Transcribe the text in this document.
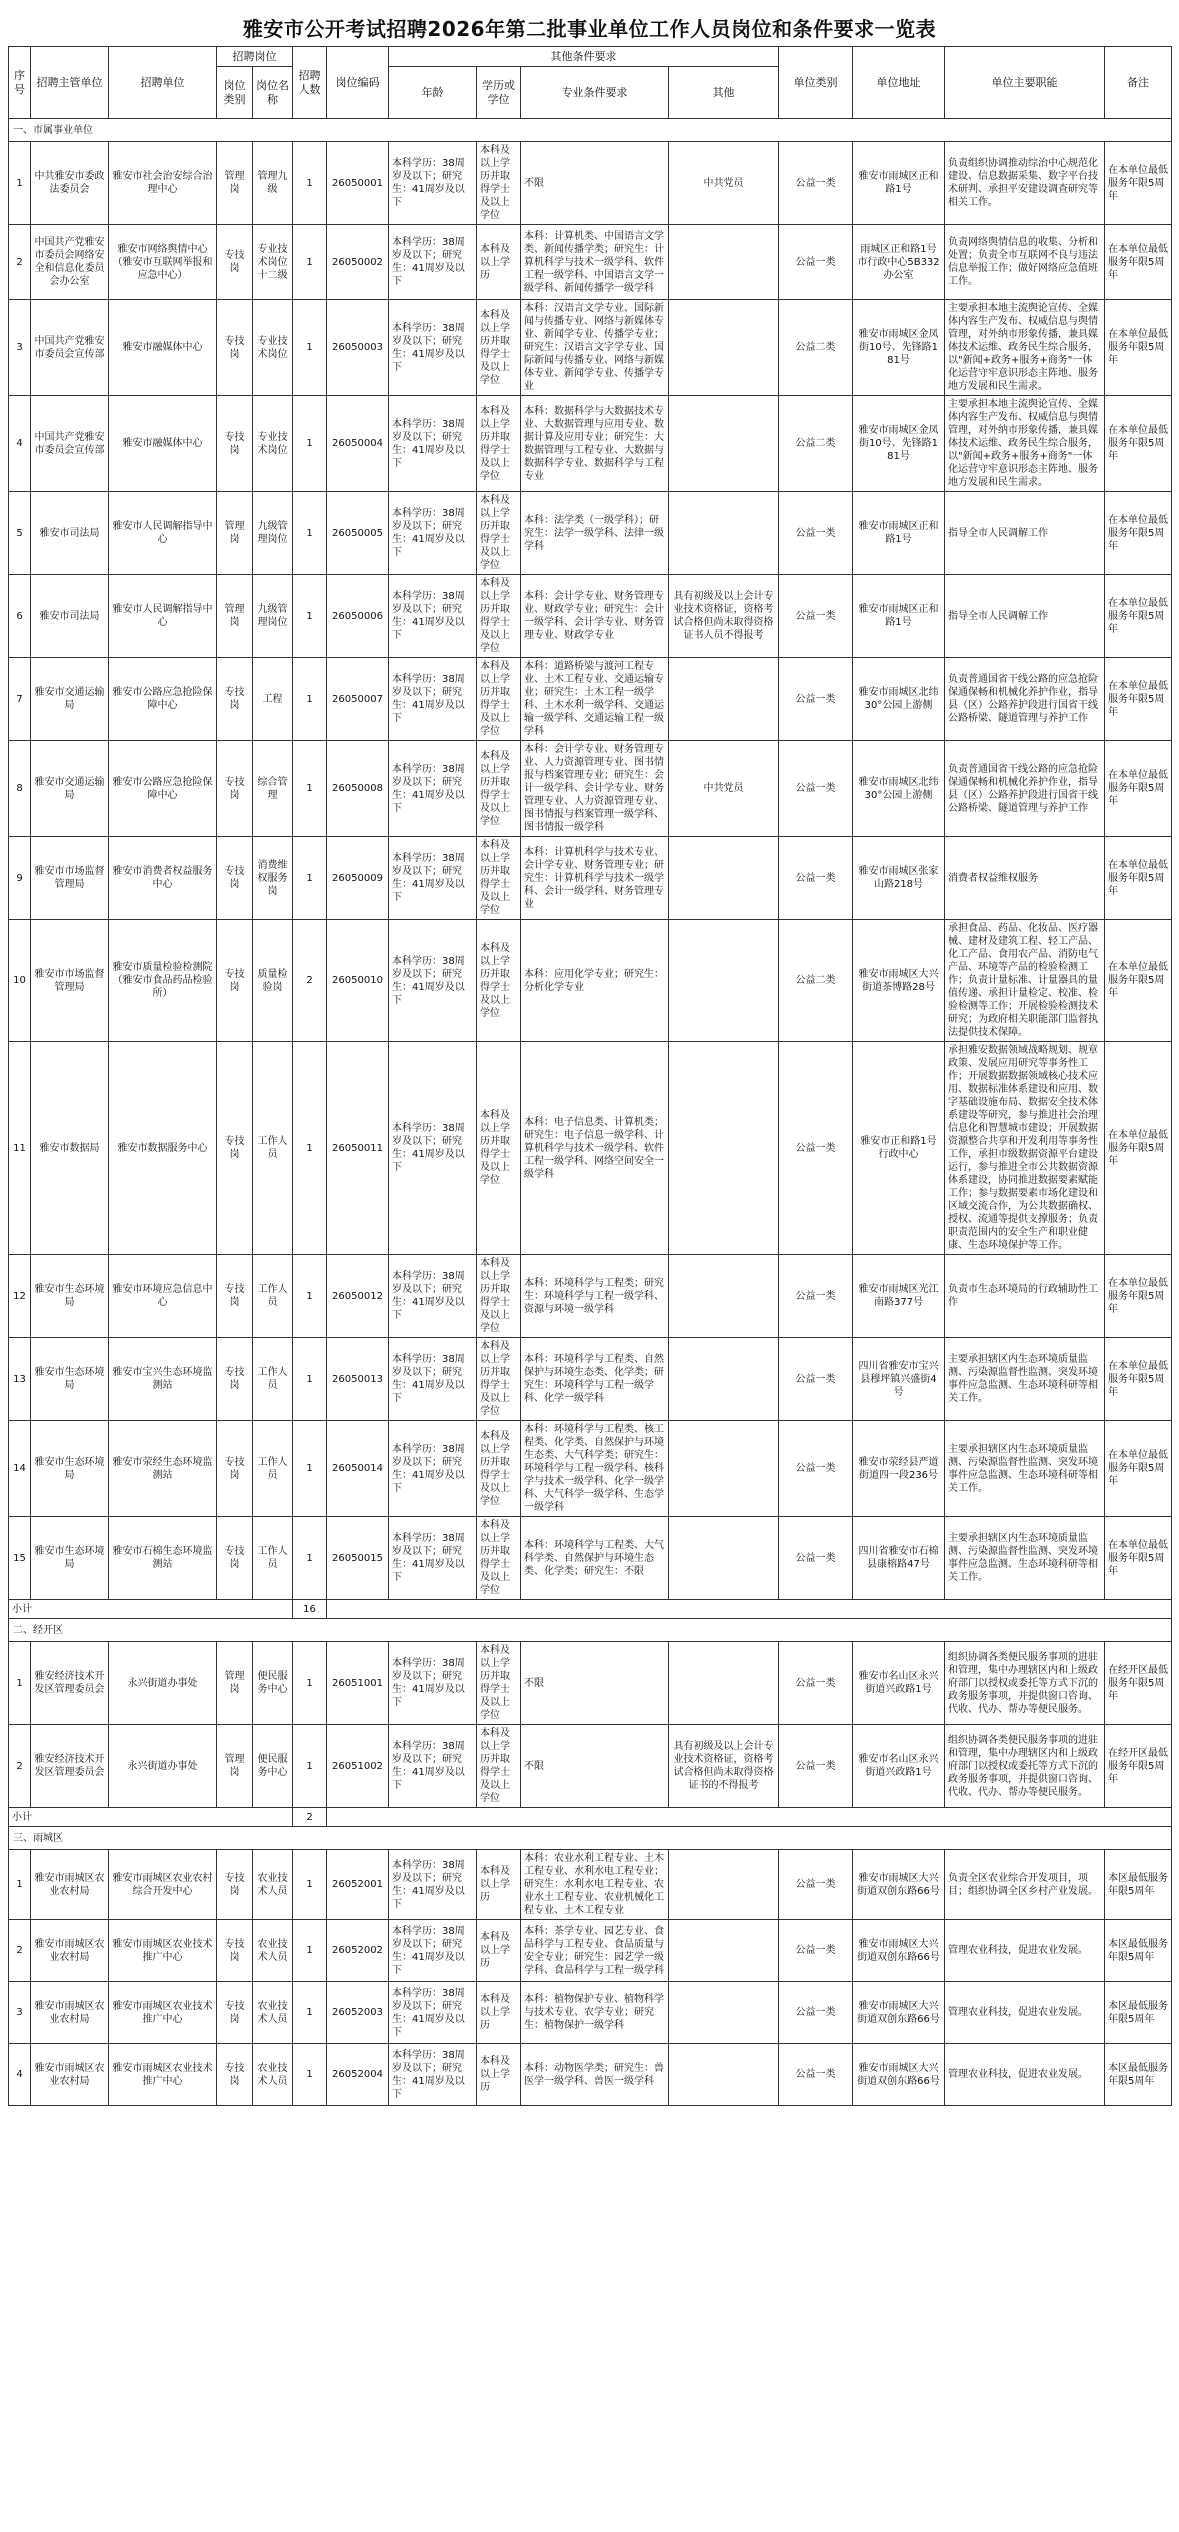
雅安市公开考试招聘2026年第二批事业单位工作人员岗位和条件要求一览表
序号	招聘主管单位	招聘单位	招聘岗位		招聘人数	岗位编码	其他条件要求				单位类别	单位地址	单位主要职能	备注
			岗位类别	岗位名称			年龄	学历或学位	专业条件要求	其他				

一、市属事业单位														
1	中共雅安市委政法委员会	雅安市社会治安综合治理中心	管理岗	管理九级	1	26050001	本科学历：38周岁及以下；研究生：41周岁及以下	本科及以上学历并取得学士及以上学位	不限	中共党员	公益一类	雅安市雨城区正和路1号	负责组织协调推动综治中心规范化建设、信息数据采集、数字平台技术研判、承担平安建设调查研究等相关工作。	在本单位最低服务年限5周年
2	中国共产党雅安市委员会网络安全和信息化委员会办公室	雅安市网络舆情中心（雅安市互联网举报和应急中心）	专技岗	专业技术岗位十二级	1	26050002	本科学历：38周岁及以下；研究生：41周岁及以下	本科及以上学历	本科：计算机类、中国语言文学类、新闻传播学类；研究生：计算机科学与技术一级学科、软件工程一级学科、中国语言文学一级学科、新闻传播学一级学科		公益一类	雨城区正和路1号市行政中心5B332办公室	负责网络舆情信息的收集、分析和处置；负责全市互联网不良与违法信息举报工作；做好网络应急值班工作。	在本单位最低服务年限5周年
3	中国共产党雅安市委员会宣传部	雅安市融媒体中心	专技岗	专业技术岗位	1	26050003	本科学历：38周岁及以下；研究生：41周岁及以下	本科及以上学历并取得学士及以上学位	本科：汉语言文学专业、国际新闻与传播专业、网络与新媒体专业、新闻学专业、传播学专业；研究生：汉语言文字学专业、国际新闻与传播专业、网络与新媒体专业、新闻学专业、传播学专业		公益二类	雅安市雨城区金凤街10号、先锋路181号	主要承担本地主流舆论宣传、全媒体内容生产发布、权威信息与舆情管理，对外纳市形象传播，兼具媒体技术运维、政务民生综合服务，以"新闻+政务+服务+商务"一体化运营守牢意识形态主阵地、服务地方发展和民生需求。	在本单位最低服务年限5周年
4	中国共产党雅安市委员会宣传部	雅安市融媒体中心	专技岗	专业技术岗位	1	26050004	本科学历：38周岁及以下；研究生：41周岁及以下	本科及以上学历并取得学士及以上学位	本科：数据科学与大数据技术专业、大数据管理与应用专业、数据计算及应用专业；研究生：大数据管理与工程专业、大数据与数据科学专业、数据科学与工程专业		公益二类	雅安市雨城区金凤街10号、先锋路181号	主要承担本地主流舆论宣传、全媒体内容生产发布、权威信息与舆情管理，对外纳市形象传播，兼具媒体技术运维、政务民生综合服务，以"新闻+政务+服务+商务"一体化运营守牢意识形态主阵地、服务地方发展和民生需求。	在本单位最低服务年限5周年
5	雅安市司法局	雅安市人民调解指导中心	管理岗	九级管理岗位	1	26050005	本科学历：38周岁及以下；研究生：41周岁及以下	本科及以上学历并取得学士及以上学位	本科：法学类（一级学科）；研究生：法学一级学科、法律一级学科		公益一类	雅安市雨城区正和路1号	指导全市人民调解工作	在本单位最低服务年限5周年
6	雅安市司法局	雅安市人民调解指导中心	管理岗	九级管理岗位	1	26050006	本科学历：38周岁及以下；研究生：41周岁及以下	本科及以上学历并取得学士及以上学位	本科：会计学专业、财务管理专业、财政学专业；研究生：会计一级学科、会计学专业、财务管理专业、财政学专业	具有初级及以上会计专业技术资格证，资格考试合格但尚未取得资格证书人员不得报考	公益一类	雅安市雨城区正和路1号	指导全市人民调解工作	在本单位最低服务年限5周年
7	雅安市交通运输局	雅安市公路应急抢险保障中心	专技岗	工程	1	26050007	本科学历：38周岁及以下；研究生：41周岁及以下	本科及以上学历并取得学士及以上学位	本科：道路桥梁与渡河工程专业、土木工程专业、交通运输专业；研究生：土木工程一级学科、土木水利一级学科、交通运输一级学科、交通运输工程一级学科		公益一类	雅安市雨城区北纬30°公园上游侧	负责普通国省干线公路的应急抢险保通保畅和机械化养护作业，指导县（区）公路养护段进行国省干线公路桥梁、隧道管理与养护工作	在本单位最低服务年限5周年
8	雅安市交通运输局	雅安市公路应急抢险保障中心	专技岗	综合管理	1	26050008	本科学历：38周岁及以下；研究生：41周岁及以下	本科及以上学历并取得学士及以上学位	本科：会计学专业、财务管理专业、人力资源管理专业、图书情报与档案管理专业；研究生：会计一级学科、会计学专业、财务管理专业、人力资源管理专业、图书情报与档案管理一级学科、图书情报一级学科	中共党员	公益一类	雅安市雨城区北纬30°公园上游侧	负责普通国省干线公路的应急抢险保通保畅和机械化养护作业，指导县（区）公路养护段进行国省干线公路桥梁、隧道管理与养护工作	在本单位最低服务年限5周年
9	雅安市市场监督管理局	雅安市消费者权益服务中心	专技岗	消费维权服务岗	1	26050009	本科学历：38周岁及以下；研究生：41周岁及以下	本科及以上学历并取得学士及以上学位	本科：计算机科学与技术专业、会计学专业、财务管理专业；研究生：计算机科学与技术一级学科、会计一级学科、财务管理专业		公益一类	雅安市雨城区张家山路218号	消费者权益维权服务	在本单位最低服务年限5周年
10	雅安市市场监督管理局	雅安市质量检验检测院（雅安市食品药品检验所）	专技岗	质量检验岗	2	26050010	本科学历：38周岁及以下；研究生：41周岁及以下	本科及以上学历并取得学士及以上学位	本科：应用化学专业；研究生：分析化学专业		公益二类	雅安市雨城区大兴街道茶博路28号	承担食品、药品、化妆品、医疗器械、建材及建筑工程、轻工产品、化工产品、食用农产品、消防电气产品、环境等产品的检验检测工作；负责计量标准、计量器具的量值传递、承担计量检定、校准、检验检测等工作；开展检验检测技术研究；为政府相关职能部门监督执法提供技术保障。	在本单位最低服务年限5周年
11	雅安市数据局	雅安市数据服务中心	专技岗	工作人员	1	26050011	本科学历：38周岁及以下；研究生：41周岁及以下	本科及以上学历并取得学士及以上学位	本科：电子信息类、计算机类；研究生：电子信息一级学科、计算机科学与技术一级学科、软件工程一级学科、网络空间安全一级学科		公益一类	雅安市正和路1号行政中心	承担雅安数据领域战略规划、规章政策、发展应用研究等事务性工作；开展数据数据领域核心技术应用、数据标准体系建设和应用、数字基础设施布局、数据安全技术体系建设等研究，参与推进社会治理信息化和智慧城市建设；开展数据资源整合共享和开发利用等事务性工作，承担市级数据资源平台建设运行，参与推进全市公共数据资源体系建设，协同推进数据要素赋能工作；参与数据要素市场化建设和区域交流合作，为公共数据确权、授权、流通等提供支撑服务；负责职责范围内的安全生产和职业健康、生态环境保护等工作。	在本单位最低服务年限5周年
12	雅安市生态环境局	雅安市环境应急信息中心	专技岗	工作人员	1	26050012	本科学历：38周岁及以下；研究生：41周岁及以下	本科及以上学历并取得学士及以上学位	本科：环境科学与工程类；研究生：环境科学与工程一级学科、资源与环境一级学科		公益一类	雅安市雨城区光江南路377号	负责市生态环境局的行政辅助性工作	在本单位最低服务年限5周年
13	雅安市生态环境局	雅安市宝兴生态环境监测站	专技岗	工作人员	1	26050013	本科学历：38周岁及以下；研究生：41周岁及以下	本科及以上学历并取得学士及以上学位	本科：环境科学与工程类、自然保护与环境生态类、化学类；研究生：环境科学与工程一级学科、化学一级学科		公益一类	四川省雅安市宝兴县穆坪镇兴盛街4号	主要承担辖区内生态环境质量监测、污染源监督性监测、突发环境事件应急监测、生态环境科研等相关工作。	在本单位最低服务年限5周年
14	雅安市生态环境局	雅安市荥经生态环境监测站	专技岗	工作人员	1	26050014	本科学历：38周岁及以下；研究生：41周岁及以下	本科及以上学历并取得学士及以上学位	本科：环境科学与工程类、核工程类、化学类、自然保护与环境生态类、大气科学类；研究生：环境科学与工程一级学科、核科学与技术一级学科、化学一级学科、大气科学一级学科、生态学一级学科		公益一类	雅安市荥经县严道街道四一段236号	主要承担辖区内生态环境质量监测、污染源监督性监测、突发环境事件应急监测、生态环境科研等相关工作。	在本单位最低服务年限5周年
15	雅安市生态环境局	雅安市石棉生态环境监测站	专技岗	工作人员	1	26050015	本科学历：38周岁及以下；研究生：41周岁及以下	本科及以上学历并取得学士及以上学位	本科：环境科学与工程类、大气科学类、自然保护与环境生态类、化学类；研究生：不限		公益一类	四川省雅安市石棉县康榕路47号	主要承担辖区内生态环境质量监测、污染源监督性监测、突发环境事件应急监测、生态环境科研等相关工作。	在本单位最低服务年限5周年
小计					16									
二、经开区														
1	雅安经济技术开发区管理委员会	永兴街道办事处	管理岗	便民服务中心	1	26051001	本科学历：38周岁及以下；研究生：41周岁及以下	本科及以上学历并取得学士及以上学位	不限		公益一类	雅安市名山区永兴街道兴政路1号	组织协调各类便民服务事项的进驻和管理，集中办理辖区内和上级政府部门以授权或委托等方式下沉的政务服务事项，并提供窗口咨询、代收、代办、帮办等便民服务。	在经开区最低服务年限5周年
2	雅安经济技术开发区管理委员会	永兴街道办事处	管理岗	便民服务中心	1	26051002	本科学历：38周岁及以下；研究生：41周岁及以下	本科及以上学历并取得学士及以上学位	不限	具有初级及以上会计专业技术资格证，资格考试合格但尚未取得资格证书的不得报考	公益一类	雅安市名山区永兴街道兴政路1号	组织协调各类便民服务事项的进驻和管理，集中办理辖区内和上级政府部门以授权或委托等方式下沉的政务服务事项，并提供窗口咨询、代收、代办、帮办等便民服务。	在经开区最低服务年限5周年
小计					2									
三、雨城区														
1	雅安市雨城区农业农村局	雅安市雨城区农业农村综合开发中心	专技岗	农业技术人员	1	26052001	本科学历：38周岁及以下；研究生：41周岁及以下	本科及以上学历	本科：农业水利工程专业、土木工程专业、水利水电工程专业；研究生：水利水电工程专业、农业水土工程专业、农业机械化工程专业、土木工程专业		公益一类	雅安市雨城区大兴街道双创东路66号	负责全区农业综合开发项目，项目；组织协调全区乡村产业发展。	本区最低服务年限5周年
2	雅安市雨城区农业农村局	雅安市雨城区农业技术推广中心	专技岗	农业技术人员	1	26052002	本科学历：38周岁及以下；研究生：41周岁及以下	本科及以上学历	本科：茶学专业、园艺专业、食品科学与工程专业、食品质量与安全专业；研究生：园艺学一级学科、食品科学与工程一级学科		公益一类	雅安市雨城区大兴街道双创东路66号	管理农业科技，促进农业发展。	本区最低服务年限5周年
3	雅安市雨城区农业农村局	雅安市雨城区农业技术推广中心	专技岗	农业技术人员	1	26052003	本科学历：38周岁及以下；研究生：41周岁及以下	本科及以上学历	本科：植物保护专业、植物科学与技术专业、农学专业；研究生：植物保护一级学科		公益一类	雅安市雨城区大兴街道双创东路66号	管理农业科技，促进农业发展。	本区最低服务年限5周年
4	雅安市雨城区农业农村局	雅安市雨城区农业技术推广中心	专技岗	农业技术人员	1	26052004	本科学历：38周岁及以下；研究生：41周岁及以下	本科及以上学历	本科：动物医学类；研究生：兽医学一级学科、兽医一级学科		公益一类	雅安市雨城区大兴街道双创东路66号	管理农业科技，促进农业发展。	本区最低服务年限5周年
